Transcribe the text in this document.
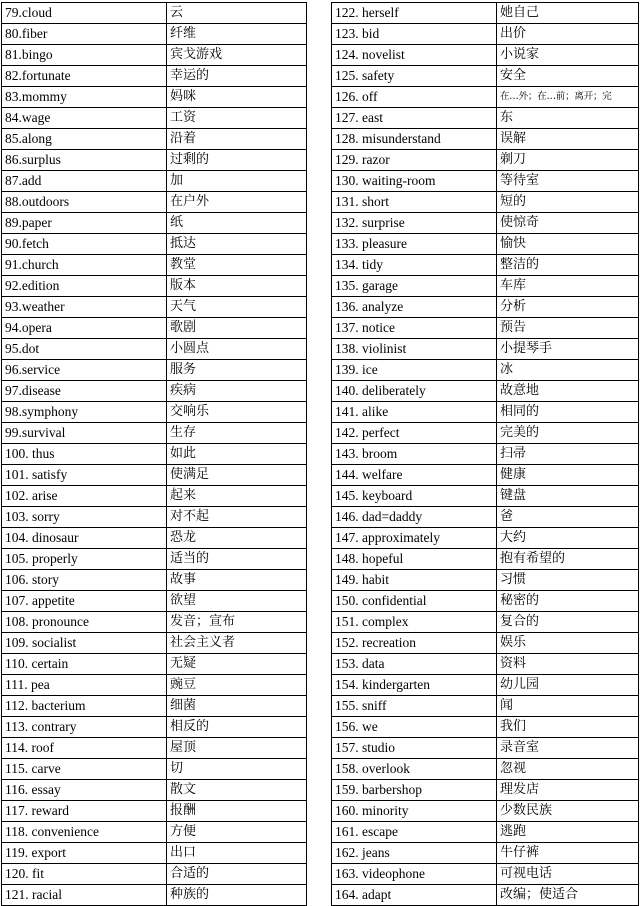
79.cloud	云
80.fiber	纤维
81.bingo	宾戈游戏
82.fortunate	幸运的
83.mommy	妈咪
84.wage	工资
85.along	沿着
86.surplus	过剩的
87.add	加
88.outdoors	在户外
89.paper	纸
90.fetch	抵达
91.church	教堂
92.edition	版本
93.weather	天气
94.opera	歌剧
95.dot	小圆点
96.service	服务
97.disease	疾病
98.symphony	交响乐
99.survival	生存
100. thus	如此
101. satisfy	使满足
102. arise	起来
103. sorry	对不起
104. dinosaur	恐龙
105. properly	适当的
106. story	故事
107. appetite	欲望
108. pronounce	发音；宣布
109. socialist	社会主义者
110. certain	无疑
111. pea	豌豆
112. bacterium	细菌
113. contrary	相反的
114. roof	屋顶
115. carve	切
116. essay	散文
117. reward	报酬
118. convenience	方便
119. export	出口
120. fit	合适的
121. racial	种族的
122. herself	她自己
123. bid	出价
124. novelist	小说家
125. safety	安全
126. off	在…外；在…前；离开；完
127. east	东
128. misunderstand	误解
129. razor	剃刀
130. waiting-room	等待室
131. short	短的
132. surprise	使惊奇
133. pleasure	愉快
134. tidy	整洁的
135. garage	车库
136. analyze	分析
137. notice	预告
138. violinist	小提琴手
139. ice	冰
140. deliberately	故意地
141. alike	相同的
142. perfect	完美的
143. broom	扫帚
144. welfare	健康
145. keyboard	键盘
146. dad=daddy	爸
147. approximately	大约
148. hopeful	抱有希望的
149. habit	习惯
150. confidential	秘密的
151. complex	复合的
152. recreation	娱乐
153. data	资料
154. kindergarten	幼儿园
155. sniff	闻
156. we	我们
157. studio	录音室
158. overlook	忽视
159. barbershop	理发店
160. minority	少数民族
161. escape	逃跑
162. jeans	牛仔裤
163. videophone	可视电话
164. adapt	改编；使适合
